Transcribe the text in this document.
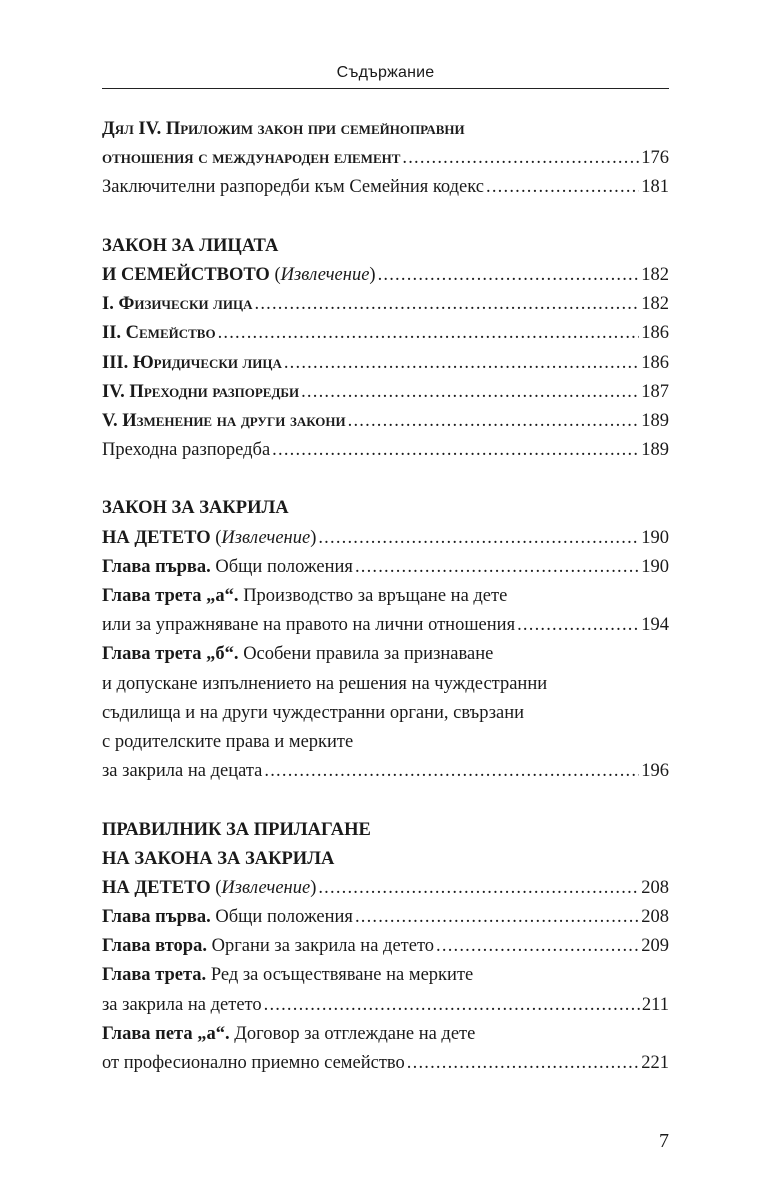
Съдържание
Дял IV. Приложим закон при семейноправни
отношения с международен елемент .....	176
Заключителни разпоредби към Семейния кодекс .....	181
ЗАКОН ЗА ЛИЦАТА
И СЕМЕЙСТВОТО (Извлечение) .....	182
I. Физически лица .....	182
II. Семейство .....	186
III. Юридически лица .....	186
IV. Преходни разпоредби .....	187
V. Изменение на други закони .....	189
Преходна разпоредба .....	189
ЗАКОН ЗА ЗАКРИЛА
НА ДЕТЕТО (Извлечение) .....	190
Глава първа. Общи положения .....	190
Глава трета „а“. Производство за връщане на дете
или за упражняване на правото на лични отношения .....	194
Глава трета „б“. Особени правила за признаване
и допускане изпълнението на решения на чуждестранни
съдилища и на други чуждестранни органи, свързани
с родителските права и мерките
за закрила на децата .....	196
ПРАВИЛНИК ЗА ПРИЛАГАНЕ
НА ЗАКОНА ЗА ЗАКРИЛА
НА ДЕТЕТО (Извлечение) .....	208
Глава първа. Общи положения .....	208
Глава втора. Органи за закрила на детето .....	209
Глава трета. Ред за осъществяване на мерките
за закрила на детето .....	211
Глава пета „а“. Договор за отглеждане на дете
от професионално приемно семейство .....	221
7
